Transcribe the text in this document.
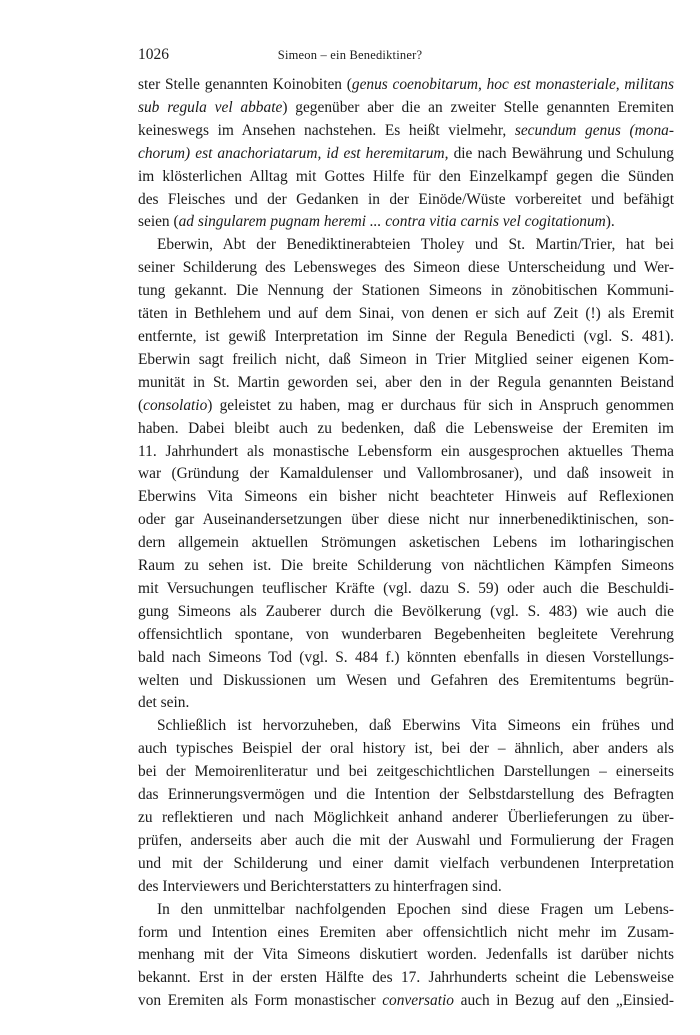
1026	Simeon – ein Benediktiner?
ster Stelle genannten Koinobiten (genus coenobitarum, hoc est monasteriale, militans
sub regula vel abbate) gegenüber aber die an zweiter Stelle genannten Eremiten
keineswegs im Ansehen nachstehen. Es heißt vielmehr, secundum genus (mona-
chorum) est anachoriatarum, id est heremitarum, die nach Bewährung und Schulung
im klösterlichen Alltag mit Gottes Hilfe für den Einzelkampf gegen die Sünden
des Fleisches und der Gedanken in der Einöde/Wüste vorbereitet und befähigt
seien (ad singularem pugnam heremi ... contra vitia carnis vel cogitationum).
Eberwin, Abt der Benediktinerabteien Tholey und St. Martin/Trier, hat bei
seiner Schilderung des Lebensweges des Simeon diese Unterscheidung und Wer-
tung gekannt. Die Nennung der Stationen Simeons in zönobitischen Kommuni-
täten in Bethlehem und auf dem Sinai, von denen er sich auf Zeit (!) als Eremit
entfernte, ist gewiß Interpretation im Sinne der Regula Benedicti (vgl. S. 481).
Eberwin sagt freilich nicht, daß Simeon in Trier Mitglied seiner eigenen Kom-
munität in St. Martin geworden sei, aber den in der Regula genannten Beistand
(consolatio) geleistet zu haben, mag er durchaus für sich in Anspruch genommen
haben. Dabei bleibt auch zu bedenken, daß die Lebensweise der Eremiten im
11. Jahrhundert als monastische Lebensform ein ausgesprochen aktuelles Thema
war (Gründung der Kamaldulenser und Vallombrosaner), und daß insoweit in
Eberwins Vita Simeons ein bisher nicht beachteter Hinweis auf Reflexionen
oder gar Auseinandersetzungen über diese nicht nur innerbenediktinischen, son-
dern allgemein aktuellen Strömungen asketischen Lebens im lotharingischen
Raum zu sehen ist. Die breite Schilderung von nächtlichen Kämpfen Simeons
mit Versuchungen teuflischer Kräfte (vgl. dazu S. 59) oder auch die Beschuldi-
gung Simeons als Zauberer durch die Bevölkerung (vgl. S. 483) wie auch die
offensichtlich spontane, von wunderbaren Begebenheiten begleitete Verehrung
bald nach Simeons Tod (vgl. S. 484 f.) könnten ebenfalls in diesen Vorstellungs-
welten und Diskussionen um Wesen und Gefahren des Eremitentums begrün-
det sein.
Schließlich ist hervorzuheben, daß Eberwins Vita Simeons ein frühes und
auch typisches Beispiel der oral history ist, bei der – ähnlich, aber anders als
bei der Memoirenliteratur und bei zeitgeschichtlichen Darstellungen – einerseits
das Erinnerungsvermögen und die Intention der Selbstdarstellung des Befragten
zu reflektieren und nach Möglichkeit anhand anderer Überlieferungen zu über-
prüfen, anderseits aber auch die mit der Auswahl und Formulierung der Fragen
und mit der Schilderung und einer damit vielfach verbundenen Interpretation
des Interviewers und Berichterstatters zu hinterfragen sind.
In den unmittelbar nachfolgenden Epochen sind diese Fragen um Lebens-
form und Intention eines Eremiten aber offensichtlich nicht mehr im Zusam-
menhang mit der Vita Simeons diskutiert worden. Jedenfalls ist darüber nichts
bekannt. Erst in der ersten Hälfte des 17. Jahrhunderts scheint die Lebensweise
von Eremiten als Form monastischer conversatio auch in Bezug auf den „Einsied-
